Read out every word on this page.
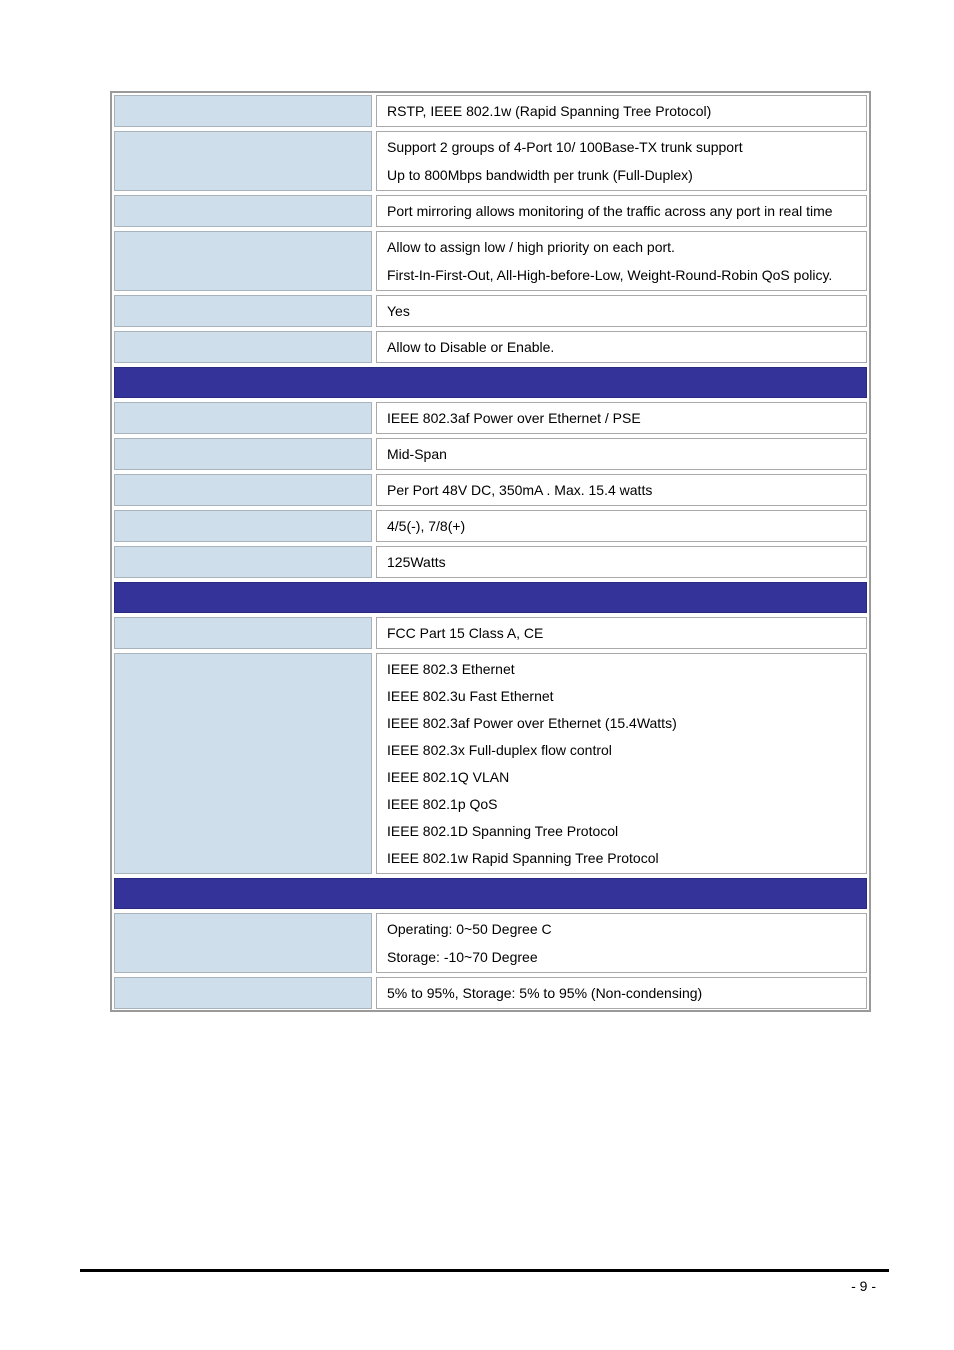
RSTP, IEEE 802.1w (Rapid Spanning Tree Protocol)
Support 2 groups of 4-Port 10/ 100Base-TX trunk support
Up to 800Mbps bandwidth per trunk (Full-Duplex)
Port mirroring allows monitoring of the traffic across any port in real time
Allow to assign low / high priority on each port.
First-In-First-Out, All-High-before-Low, Weight-Round-Robin QoS policy.
Yes
Allow to Disable or Enable.
IEEE 802.3af Power over Ethernet / PSE
Mid-Span
Per Port 48V DC, 350mA . Max. 15.4 watts
4/5(-), 7/8(+)
125Watts
FCC Part 15 Class A, CE
IEEE 802.3 Ethernet
IEEE 802.3u Fast Ethernet
IEEE 802.3af Power over Ethernet (15.4Watts)
IEEE 802.3x Full-duplex flow control
IEEE 802.1Q VLAN
IEEE 802.1p QoS
IEEE 802.1D Spanning Tree Protocol
IEEE 802.1w Rapid Spanning Tree Protocol
Operating: 0~50 Degree C
Storage: -10~70 Degree
5% to 95%, Storage: 5% to 95% (Non-condensing)
- 9 -
